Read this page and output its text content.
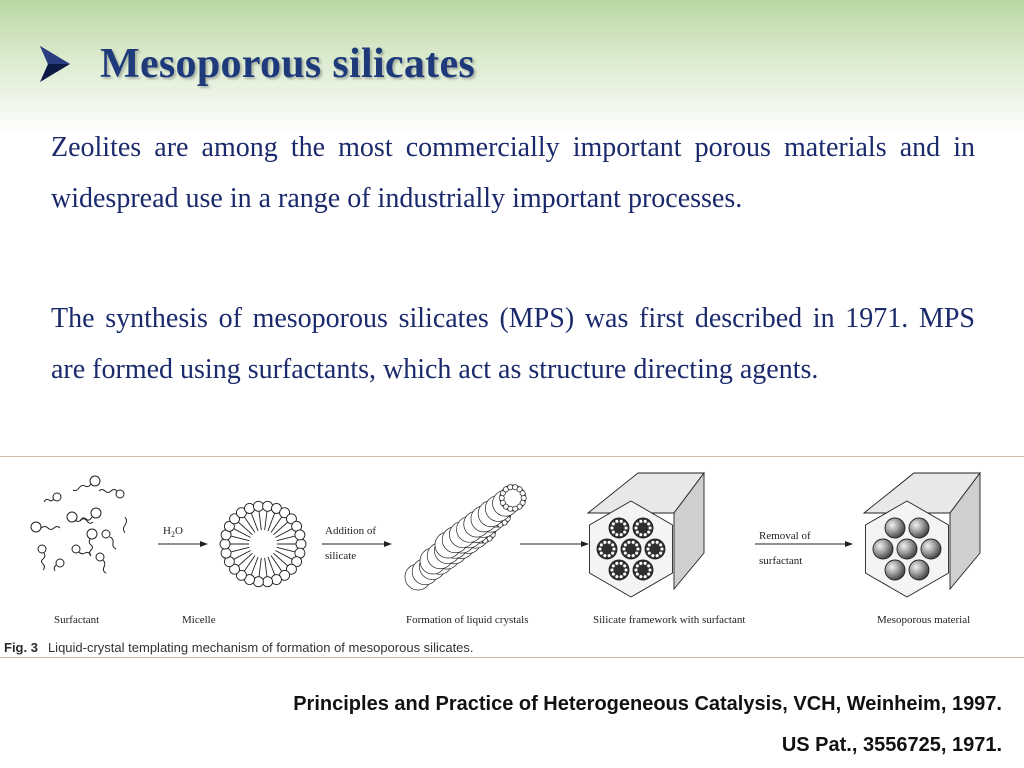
Mesoporous silicates

Zeolites are among the most commercially important porous materials and in widespread use in a range of industrially important processes.

The synthesis of mesoporous silicates (MPS) was first described in 1971. MPS are formed using surfactants, which act as structure directing agents.

$H_2O$	Addition of
silicate
Removal of
surfactant
Surfactant	Micelle	Formation of liquid crystals	Silicate framework with surfactant	Mesoporous material
Fig. 3 Liquid-crystal templating mechanism of formation of mesoporous silicates.
Principles and Practice of Heterogeneous Catalysis, VCH, Weinheim, 1997.
US Pat., 3556725, 1971.
